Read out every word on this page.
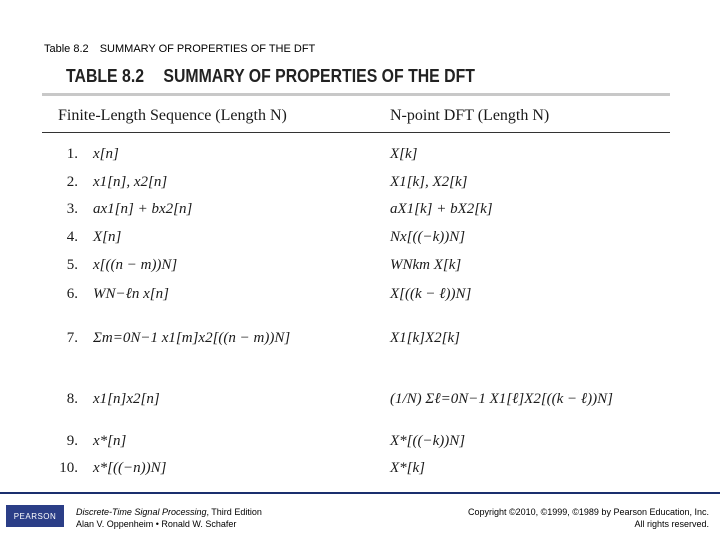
Table 8.2 SUMMARY OF PROPERTIES OF THE DFT
TABLE 8.2 SUMMARY OF PROPERTIES OF THE DFT
Finite-Length Sequence (Length N)	N-point DFT (Length N)
1. x[n]	X[k]
2. x1[n], x2[n]	X1[k], X2[k]
3. ax1[n] + bx2[n]	aX1[k] + bX2[k]
4. X[n]	Nx[((−k))N]
5. x[((n − m))N]	WNkm X[k]
6. WN−ℓn x[n]	X[((k − ℓ))N]
7. Σm=0N−1 x1[m]x2[((n − m))N]	X1[k]X2[k]
8. x1[n]x2[n]	(1/N) Σℓ=0N−1 X1[ℓ]X2[((k − ℓ))N]
9. x*[n]	X*[((−k))N]
10. x*[((−n))N]	X*[k]
PEARSON	Discrete-Time Signal Processing, Third Edition
Alan V. Oppenheim • Ronald W. Schafer
Copyright ©2010, ©1999, ©1989 by Pearson Education, Inc.
All rights reserved.
